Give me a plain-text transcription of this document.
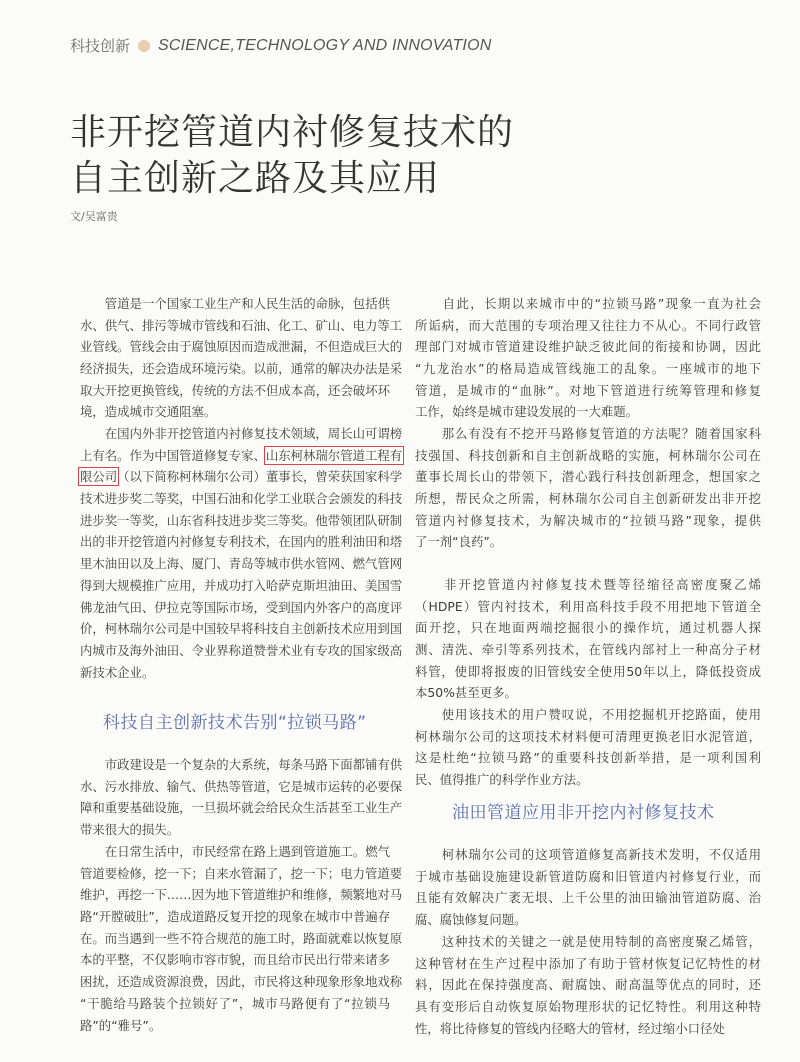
科技创新 SCIENCE,TECHNOLOGY AND INNOVATION
非开挖管道内衬修复技术的
自主创新之路及其应用
文/吴富贵
　　管道是一个国家工业生产和人民生活的命脉，包括供
水、供气、排污等城市管线和石油、化工、矿山、电力等工
业管线。管线会由于腐蚀原因而造成泄漏，不但造成巨大的
经济损失，还会造成环境污染。以前，通常的解决办法是采
取大开挖更换管线，传统的方法不但成本高，还会破坏环
境，造成城市交通阻塞。
　　在国内外非开挖管道内衬修复技术领域，周长山可谓榜
上有名。作为中国管道修复专家、山东柯林瑞尔管道工程有
限公司（以下简称柯林瑞尔公司）董事长，曾荣获国家科学
技术进步奖二等奖，中国石油和化学工业联合会颁发的科技
进步奖一等奖，山东省科技进步奖三等奖。他带领团队研制
出的非开挖管道内衬修复专利技术，在国内的胜利油田和塔
里木油田以及上海、厦门、青岛等城市供水管网、燃气管网
得到大规模推广应用，并成功打入哈萨克斯坦油田、美国雪
佛龙油气田、伊拉克等国际市场，受到国内外客户的高度评
价，柯林瑞尔公司是中国较早将科技自主创新技术应用到国
内城市及海外油田、令业界称道赞誉术业有专攻的国家级高
新技术企业。
科技自主创新技术告别“拉锁马路”
　　市政建设是一个复杂的大系统，每条马路下面都铺有供
水、污水排放、输气、供热等管道，它是城市运转的必要保
障和重要基础设施，一旦损坏就会给民众生活甚至工业生产
带来很大的损失。
　　在日常生活中，市民经常在路上遇到管道施工。燃气
管道要检修，挖一下；自来水管漏了，挖一下；电力管道要
维护，再挖一下……因为地下管道维护和维修，频繁地对马
路“开膛破肚”，造成道路反复开挖的现象在城市中普遍存
在。而当遇到一些不符合规范的施工时，路面就难以恢复原
本的平整，不仅影响市容市貌，而且给市民出行带来诸多
困扰，还造成资源浪费，因此，市民将这种现象形象地戏称
“干脆给马路装个拉锁好了”，城市马路便有了“拉锁马
路”的“雅号”。
　　自此，长期以来城市中的“拉锁马路”现象一直为社会
所诟病，而大范围的专项治理又往往力不从心。不同行政管
理部门对城市管道建设维护缺乏彼此间的衔接和协调，因此
“九龙治水”的格局造成管线施工的乱象。一座城市的地下
管道，是城市的“血脉”。对地下管道进行统筹管理和修复
工作，始终是城市建设发展的一大难题。
　　那么有没有不挖开马路修复管道的方法呢？随着国家科
技强国、科技创新和自主创新战略的实施，柯林瑞尔公司在
董事长周长山的带领下，潜心践行科技创新理念，想国家之
所想，帮民众之所需，柯林瑞尔公司自主创新研发出非开挖
管道内衬修复技术，为解决城市的“拉锁马路”现象，提供
了一剂“良药”。
　　非开挖管道内衬修复技术暨等径缩径高密度聚乙烯
（HDPE）管内衬技术，利用高科技手段不用把地下管道全
面开挖，只在地面两端挖掘很小的操作坑，通过机器人探
测、清洗、牵引等系列技术，在管线内部衬上一种高分子材
料管，使即将报废的旧管线安全使用50年以上，降低投资成
本50%甚至更多。
　　使用该技术的用户赞叹说，不用挖掘机开挖路面，使用
柯林瑞尔公司的这项技术材料便可清理更换老旧水泥管道，
这是杜绝“拉锁马路”的重要科技创新举措，是一项利国利
民、值得推广的科学作业方法。
油田管道应用非开挖内衬修复技术
　　柯林瑞尔公司的这项管道修复高新技术发明，不仅适用
于城市基础设施建设新管道防腐和旧管道内衬修复行业，而
且能有效解决广袤无垠、上千公里的油田输油管道防腐、治
腐、腐蚀修复问题。
　　这种技术的关键之一就是使用特制的高密度聚乙烯管，
这种管材在生产过程中添加了有助于管材恢复记忆特性的材
料，因此在保持强度高、耐腐蚀、耐高温等优点的同时，还
具有变形后自动恢复原始物理形状的记忆特性。利用这种特
性，将比待修复的管线内径略大的管材，经过缩小口径处
